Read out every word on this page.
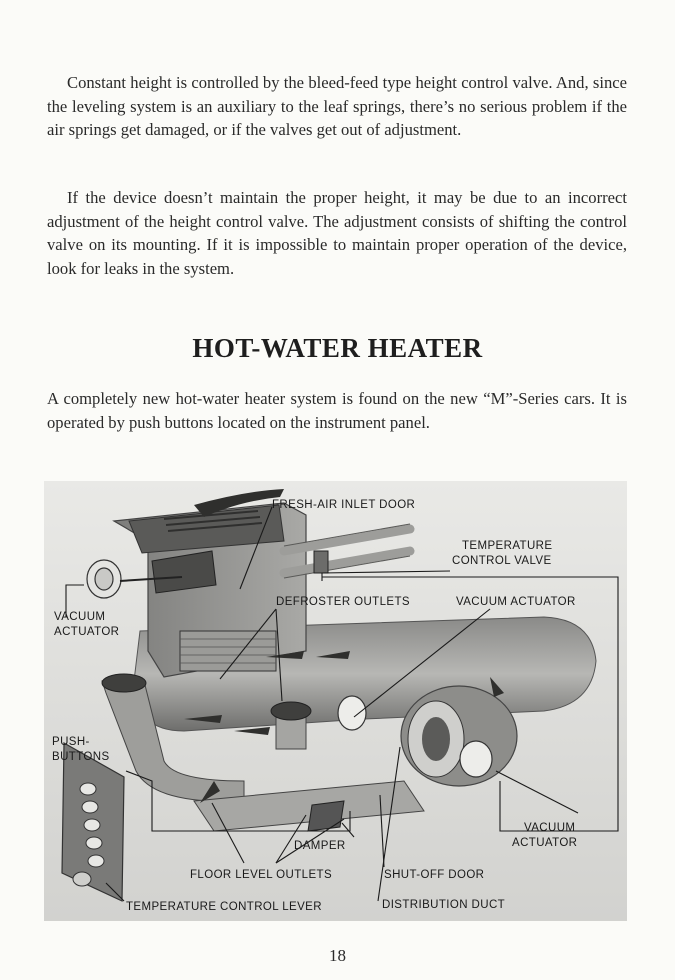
Constant height is controlled by the bleed-feed type height control valve. And, since the leveling system is an auxiliary to the leaf springs, there’s no serious problem if the air springs get damaged, or if the valves get out of adjustment.

If the device doesn’t maintain the proper height, it may be due to an incorrect adjustment of the height control valve. The adjustment consists of shifting the control valve on its mounting. If it is impossible to maintain proper operation of the device, look for leaks in the system.

HOT-WATER HEATER

A completely new hot-water heater system is found on the new “M”-Series cars. It is operated by push buttons located on the instrument panel.

FRESH-AIR INLET DOOR
TEMPERATURE
CONTROL VALVE
VACUUM
ACTUATOR
DEFROSTER OUTLETS	VACUUM ACTUATOR
PUSH-
BUTTONS
VACUUM
ACTUATOR
DAMPER
FLOOR LEVEL OUTLETS	SHUT-OFF DOOR
TEMPERATURE CONTROL LEVER	DISTRIBUTION DUCT

18
